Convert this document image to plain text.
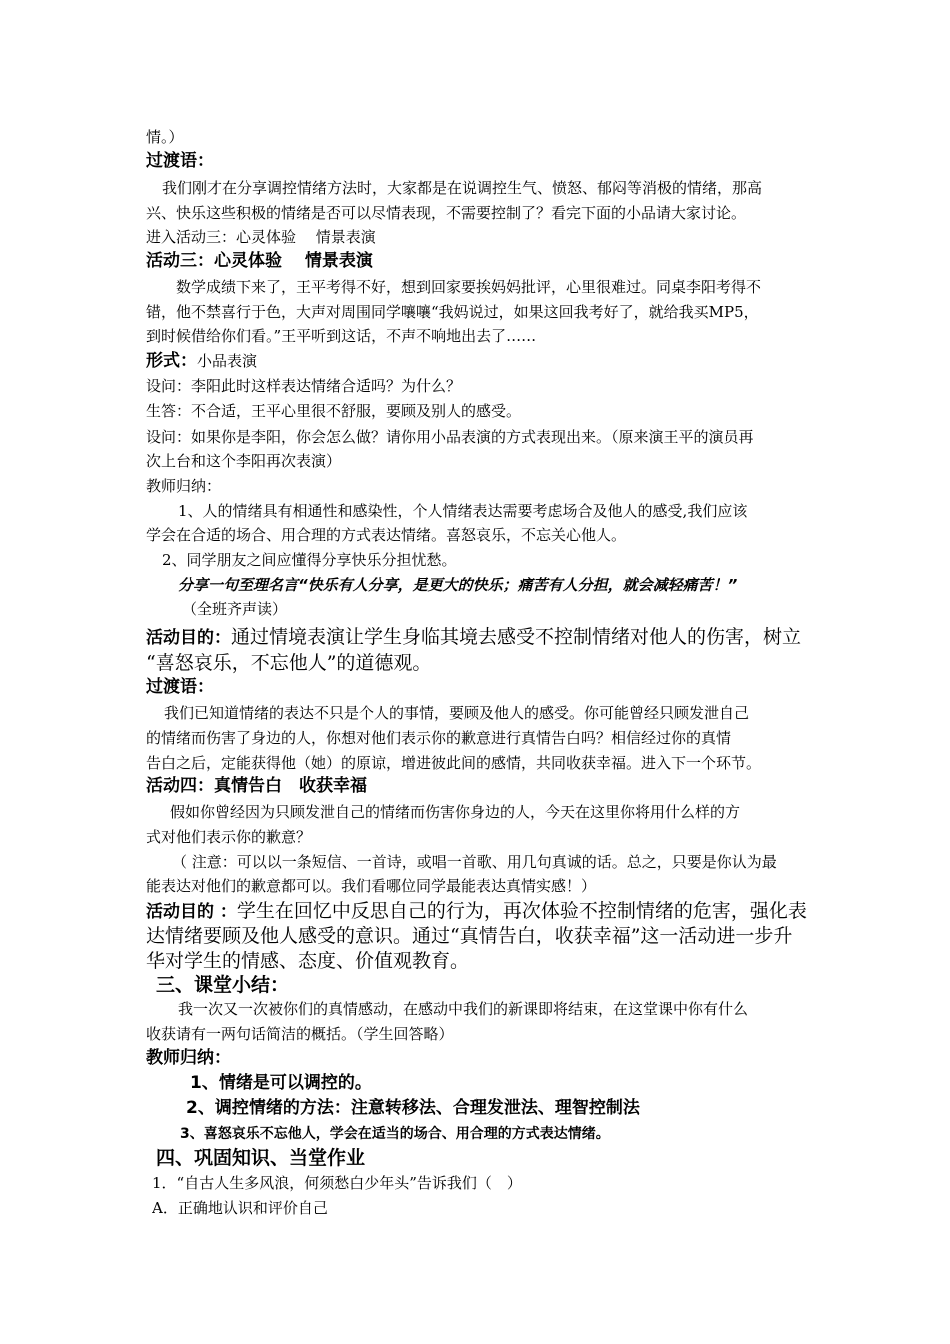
情。）
过渡语：
我们刚才在分享调控情绪方法时，大家都是在说调控生气、愤怒、郁闷等消极的情绪，那高
兴、快乐这些积极的情绪是否可以尽情表现，不需要控制了？看完下面的小品请大家讨论。
进入活动三：心灵体验　 情景表演
活动三：心灵体验　 情景表演
数学成绩下来了，王平考得不好，想到回家要挨妈妈批评，心里很难过。同桌李阳考得不
错，他不禁喜行于色，大声对周围同学嚷嚷“我妈说过，如果这回我考好了，就给我买MP5，
到时候借给你们看。”王平听到这话，不声不响地出去了……
形式：小品表演
设问：李阳此时这样表达情绪合适吗？为什么？
生答：不合适，王平心里很不舒服，要顾及别人的感受。
设问：如果你是李阳，你会怎么做？请你用小品表演的方式表现出来。（原来演王平的演员再
次上台和这个李阳再次表演）
教师归纳：
1、人的情绪具有相通性和感染性，个人情绪表达需要考虑场合及他人的感受,我们应该
学会在合适的场合、用合理的方式表达情绪。喜怒哀乐，不忘关心他人。
2、同学朋友之间应懂得分享快乐分担忧愁。
分享一句至理名言“快乐有人分享，是更大的快乐；痛苦有人分担，就会减轻痛苦！”
（全班齐声读）
活动目的：通过情境表演让学生身临其境去感受不控制情绪对他人的伤害，树立
“喜怒哀乐，不忘他人”的道德观。
过渡语：
我们已知道情绪的表达不只是个人的事情，要顾及他人的感受。你可能曾经只顾发泄自己
的情绪而伤害了身边的人，你想对他们表示你的歉意进行真情告白吗？相信经过你的真情
告白之后，定能获得他（她）的原谅，增进彼此间的感情，共同收获幸福。进入下一个环节。
活动四：真情告白　收获幸福
假如你曾经因为只顾发泄自己的情绪而伤害你身边的人，今天在这里你将用什么样的方
式对他们表示你的歉意？
（ 注意：可以以一条短信、一首诗，或唱一首歌、用几句真诚的话。总之，只要是你认为最
能表达对他们的歉意都可以。我们看哪位同学最能表达真情实感！）
活动目的 ：学生在回忆中反思自己的行为，再次体验不控制情绪的危害，强化表
达情绪要顾及他人感受的意识。通过“真情告白，收获幸福”这一活动进一步升
华对学生的情感、态度、价值观教育。
三、课堂小结：
我一次又一次被你们的真情感动，在感动中我们的新课即将结束，在这堂课中你有什么
收获请有一两句话简洁的概括。（学生回答略）
教师归纳：
1、情绪是可以调控的。
2、调控情绪的方法：注意转移法、合理发泄法、理智控制法
3、喜怒哀乐不忘他人，学会在适当的场合、用合理的方式表达情绪。
四、巩固知识、当堂作业
1．“自古人生多风浪，何须愁白少年头”告诉我们（　）
A．正确地认识和评价自己
